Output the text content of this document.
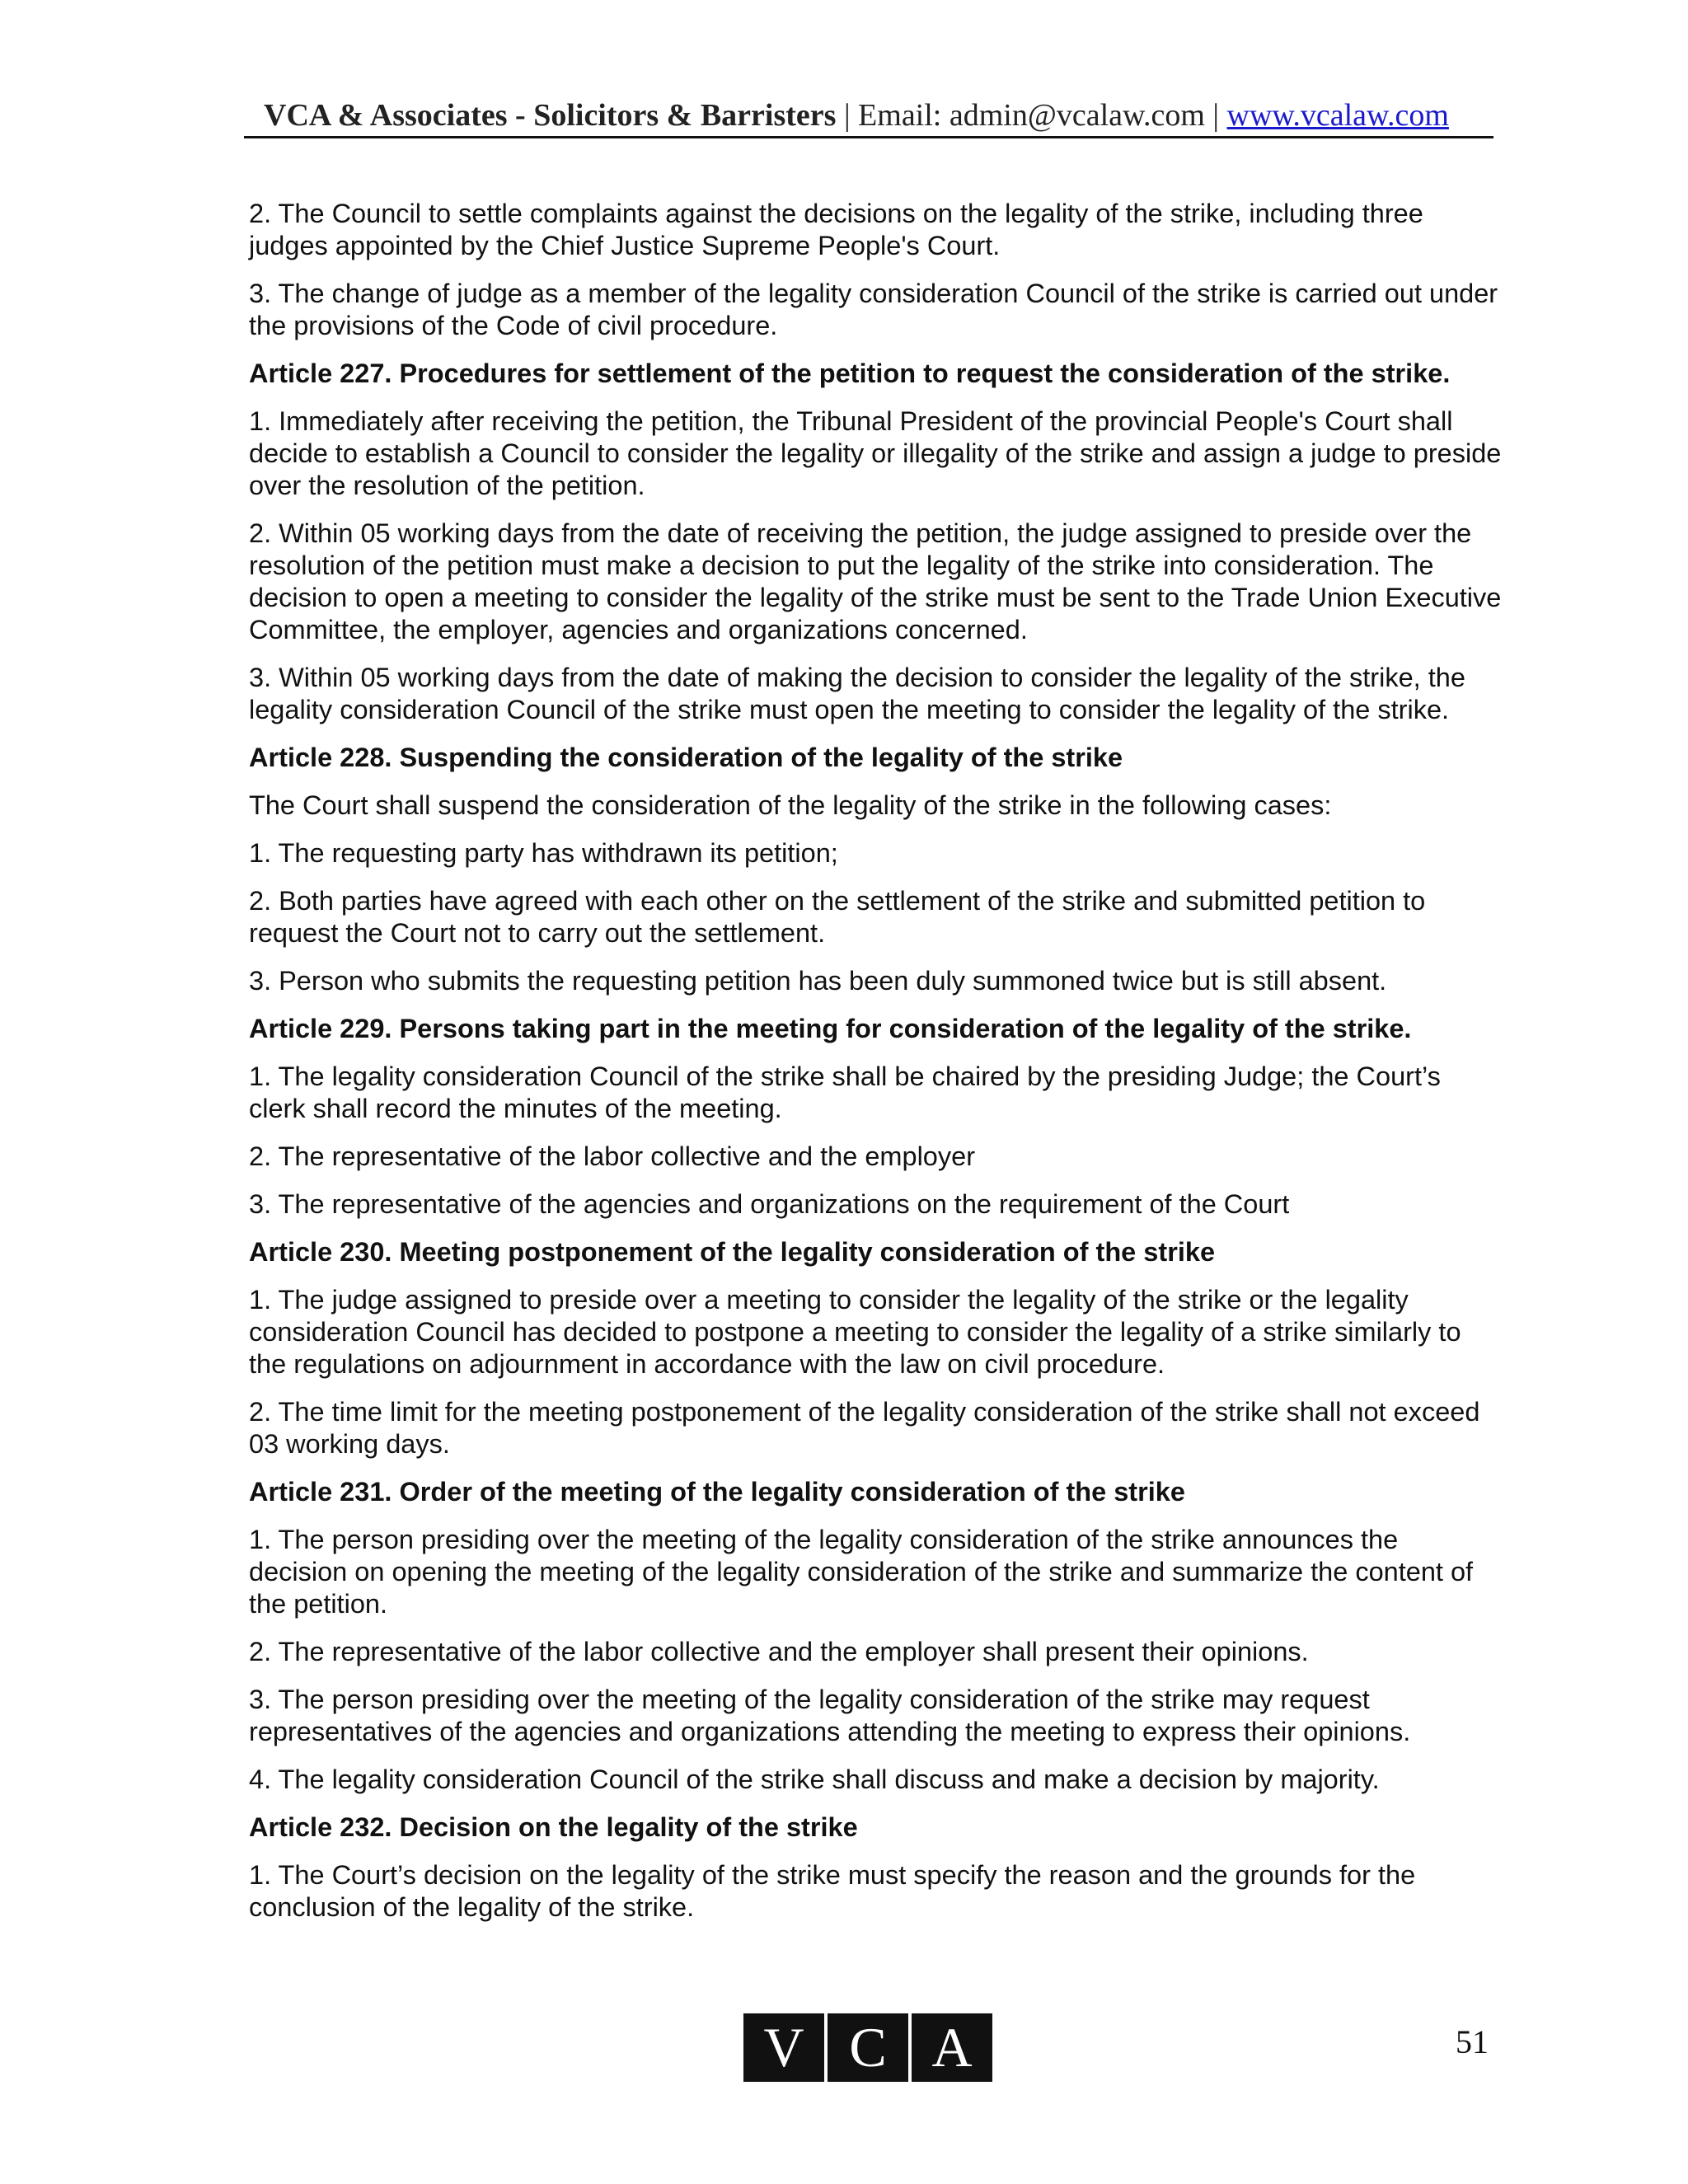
VCA & Associates - Solicitors & Barristers | Email: admin@vcalaw.com | www.vcalaw.com

2. The Council to settle complaints against the decisions on the legality of the strike, including three judges appointed by the Chief Justice Supreme People's Court.

3. The change of judge as a member of the legality consideration Council of the strike is carried out under the provisions of the Code of civil procedure.

Article 227. Procedures for settlement of the petition to request the consideration of the strike.

1. Immediately after receiving the petition, the Tribunal President of the provincial People's Court shall decide to establish a Council to consider the legality or illegality of the strike and assign a judge to preside over the resolution of the petition.

2. Within 05 working days from the date of receiving the petition, the judge assigned to preside over the resolution of the petition must make a decision to put the legality of the strike into consideration. The decision to open a meeting to consider the legality of the strike must be sent to the Trade Union Executive Committee, the employer, agencies and organizations concerned.

3. Within 05 working days from the date of making the decision to consider the legality of the strike, the legality consideration Council of the strike must open the meeting to consider the legality of the strike.

Article 228. Suspending the consideration of the legality of the strike

The Court shall suspend the consideration of the legality of the strike in the following cases:

1. The requesting party has withdrawn its petition;

2. Both parties have agreed with each other on the settlement of the strike and submitted petition to request the Court not to carry out the settlement.

3. Person who submits the requesting petition has been duly summoned twice but is still absent.

Article 229. Persons taking part in the meeting for consideration of the legality of the strike.

1. The legality consideration Council of the strike shall be chaired by the presiding Judge; the Court’s clerk shall record the minutes of the meeting.

2. The representative of the labor collective and the employer

3. The representative of the agencies and organizations on the requirement of the Court

Article 230. Meeting postponement of the legality consideration of the strike

1. The judge assigned to preside over a meeting to consider the legality of the strike or the legality consideration Council has decided to postpone a meeting to consider the legality of a strike similarly to the regulations on adjournment in accordance with the law on civil procedure.

2. The time limit for the meeting postponement of the legality consideration of the strike shall not exceed 03 working days.

Article 231. Order of the meeting of the legality consideration of the strike

1. The person presiding over the meeting of the legality consideration of the strike announces the decision on opening the meeting of the legality consideration of the strike and summarize the content of the petition.

2. The representative of the labor collective and the employer shall present their opinions.

3. The person presiding over the meeting of the legality consideration of the strike may request representatives of the agencies and organizations attending the meeting to express their opinions.

4. The legality consideration Council of the strike shall discuss and make a decision by majority.

Article 232. Decision on the legality of the strike

1. The Court’s decision on the legality of the strike must specify the reason and the grounds for the conclusion of the legality of the strike.

V C A	51
